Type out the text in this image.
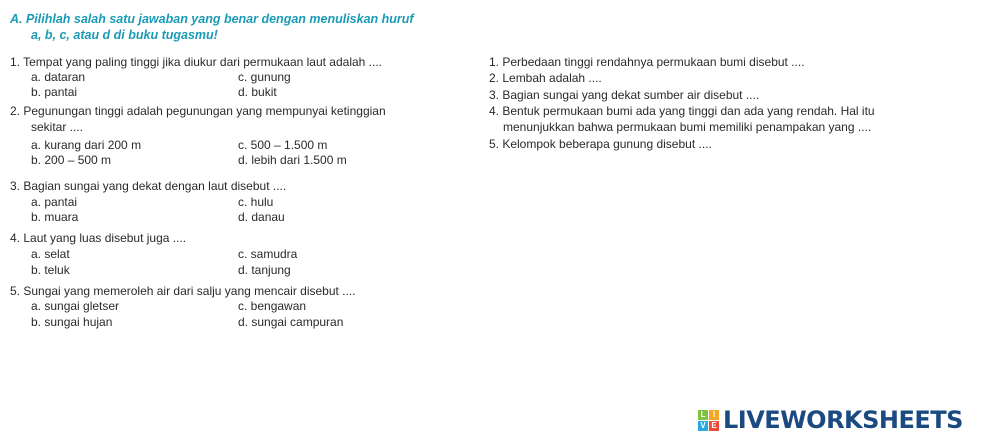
A. Pilihlah salah satu jawaban yang benar dengan menuliskan huruf
a, b, c, atau d di buku tugasmu!
1. Tempat yang paling tinggi jika diukur dari permukaan laut adalah ....
a. dataran
b. pantai
c. gunung
d. bukit
2. Pegunungan tinggi adalah pegunungan yang mempunyai ketinggian
sekitar ....
a. kurang dari 200 m
b. 200 – 500 m
c. 500 – 1.500 m
d. lebih dari 1.500 m
3. Bagian sungai yang dekat dengan laut disebut ....
a. pantai
b. muara
c. hulu
d. danau
4. Laut yang luas disebut juga ....
a. selat
b. teluk
c. samudra
d. tanjung
5. Sungai yang memeroleh air dari salju yang mencair disebut ....
a. sungai gletser
b. sungai hujan
c. bengawan
d. sungai campuran
1. Perbedaan tinggi rendahnya permukaan bumi disebut ....
2. Lembah adalah ....
3. Bagian sungai yang dekat sumber air disebut ....
4. Bentuk permukaan bumi ada yang tinggi dan ada yang rendah. Hal itu
menunjukkan bahwa permukaan bumi memiliki penampakan yang ....
5. Kelompok beberapa gunung disebut ....
L I
V E LIVEWORKSHEETS
